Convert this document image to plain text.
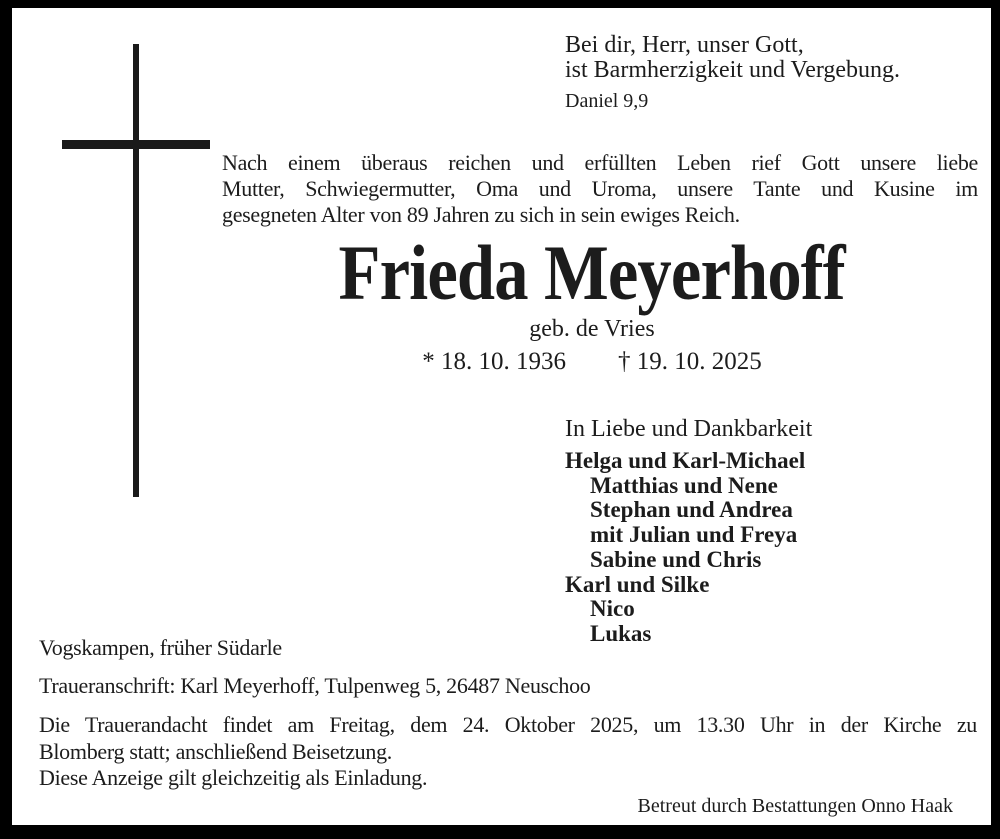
Bei dir, Herr, unser Gott,
ist Barmherzigkeit und Vergebung.
Daniel 9,9
Nach einem überaus reichen und erfüllten Leben rief Gott unsere liebe
Mutter, Schwiegermutter, Oma und Uroma, unsere Tante und Kusine im
gesegneten Alter von 89 Jahren zu sich in sein ewiges Reich.
Frieda Meyerhoff
geb. de Vries
* 18. 10. 1936 † 19. 10. 2025
In Liebe und Dankbarkeit
Helga und Karl-Michael
Matthias und Nene
Stephan und Andrea
mit Julian und Freya
Sabine und Chris
Karl und Silke
Nico
Lukas
Vogskampen, früher Südarle
Traueranschrift: Karl Meyerhoff, Tulpenweg 5, 26487 Neuschoo
Die Trauerandacht findet am Freitag, dem 24. Oktober 2025, um 13.30 Uhr in der Kirche zu
Blomberg statt; anschließend Beisetzung.
Diese Anzeige gilt gleichzeitig als Einladung.
Betreut durch Bestattungen Onno Haak
